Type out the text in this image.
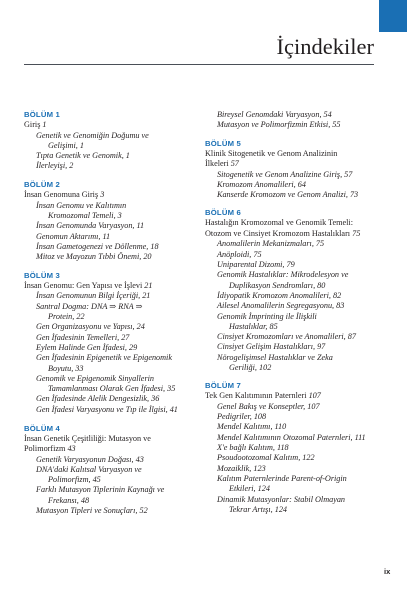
İçindekiler
BÖLÜM 1
Giriş 1
Genetik ve Genomiğin Doğumu ve
Gelişimi, 1
Tıpta Genetik ve Genomik, 1
İlerleyişi, 2
BÖLÜM 2
İnsan Genomuna Giriş 3
İnsan Genomu ve Kalıtımın
Kromozomal Temeli, 3
İnsan Genomunda Varyasyon, 11
Genomun Aktarımı, 11
İnsan Gametogenezi ve Döllenme, 18
Mitoz ve Mayozun Tıbbi Önemi, 20
BÖLÜM 3
İnsan Genomu: Gen Yapısı ve İşlevi 21
İnsan Genomunun Bilgi İçeriği, 21
Santral Dogma: DNA ⇒ RNA ⇒
Protein, 22
Gen Organizasyonu ve Yapısı, 24
Gen İfadesinin Temelleri, 27
Eylem Halinde Gen İfadesi, 29
Gen İfadesinin Epigenetik ve Epigenomik
Boyutu, 33
Genomik ve Epigenomik Sinyallerin
Tamamlanması Olarak Gen İfadesi, 35
Gen İfadesinde Alelik Dengesizlik, 36
Gen İfadesi Varyasyonu ve Tıp ile İlgisi, 41
BÖLÜM 4
İnsan Genetik Çeşitliliği: Mutasyon ve
Polimorfizm 43
Genetik Varyasyonun Doğası, 43
DNA'daki Kalıtsal Varyasyon ve
Polimorfizm, 45
Farklı Mutasyon Tiplerinin Kaynağı ve
Frekansı, 48
Mutasyon Tipleri ve Sonuçları, 52
Bireysel Genomdaki Varyasyon, 54
Mutasyon ve Polimorfizmin Etkisi, 55
BÖLÜM 5
Klinik Sitogenetik ve Genom Analizinin
İlkeleri 57
Sitogenetik ve Genom Analizine Giriş, 57
Kromozom Anomalileri, 64
Kanserde Kromozom ve Genom Analizi, 73
BÖLÜM 6
Hastalığın Kromozomal ve Genomik Temeli:
Otozom ve Cinsiyet Kromozom Hastalıkları 75
Anomalilerin Mekanizmaları, 75
Anöploidi, 75
Uniparental Dizomi, 79
Genomik Hastalıklar: Mikrodelesyon ve
Duplikasyon Sendromları, 80
İdiyopatik Kromozom Anomalileri, 82
Ailesel Anomalilerin Segregasyonu, 83
Genomik İmprinting ile İlişkili
Hastalıklar, 85
Cinsiyet Kromozomları ve Anomalileri, 87
Cinsiyet Gelişim Hastalıkları, 97
Nörogelişimsel Hastalıklar ve Zeka
Geriliği, 102
BÖLÜM 7
Tek Gen Kalıtımının Paternleri 107
Genel Bakış ve Konseptler, 107
Pedigriler, 108
Mendel Kalıtımı, 110
Mendel Kalıtımının Otozomal Paternleri, 111
X'e bağlı Kalıtım, 118
Psoudootozomal Kalıtım, 122
Mozaiklik, 123
Kalıtım Paternlerinde Parent-of-Origin
Etkileri, 124
Dinamik Mutasyonlar: Stabil Olmayan
Tekrar Artışı, 124
ix
